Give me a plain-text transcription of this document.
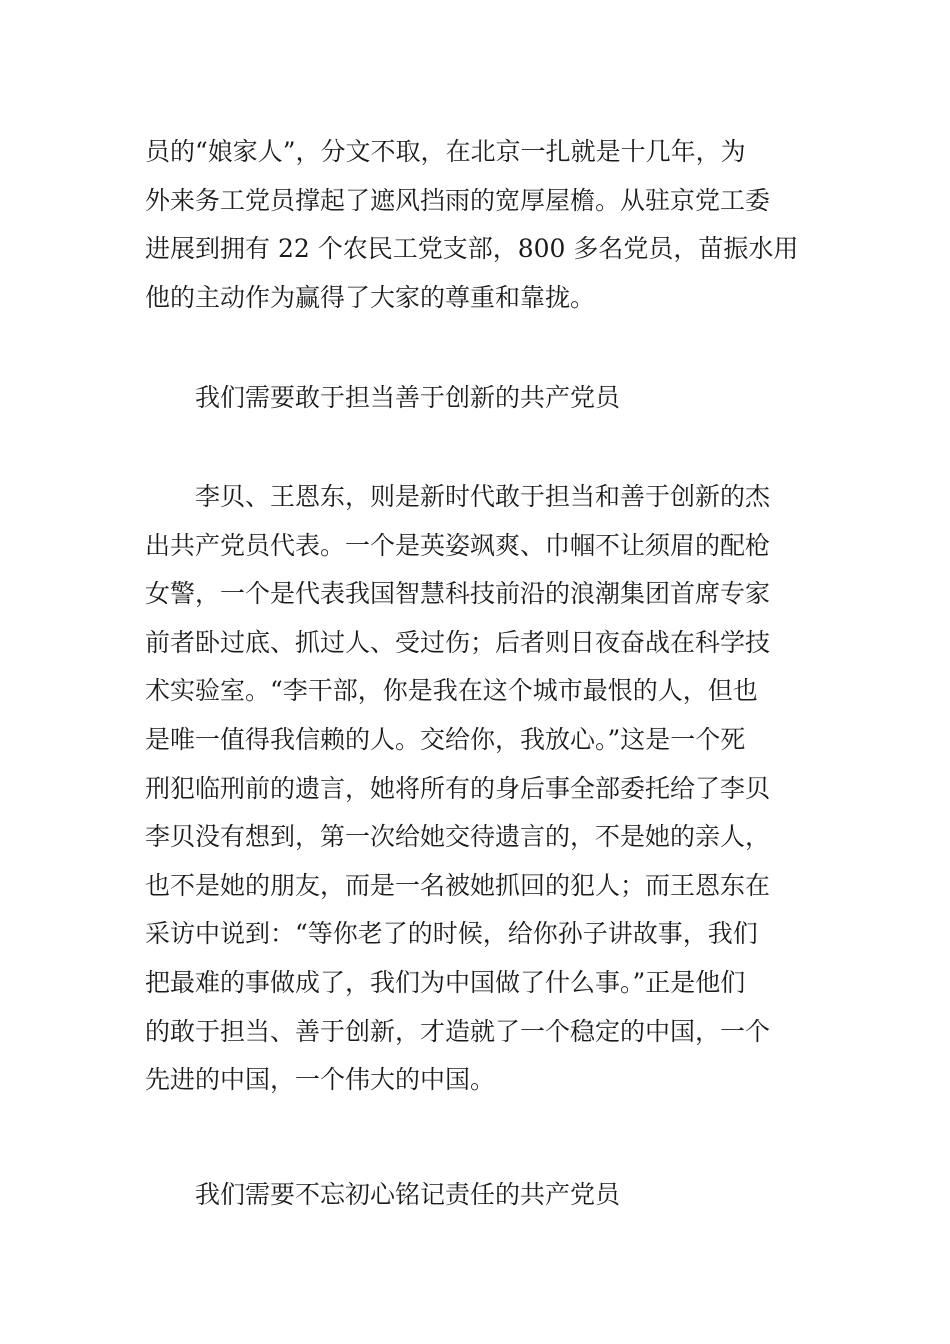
员的“娘家人”，分文不取，在北京一扎就是十几年，为
外来务工党员撑起了遮风挡雨的宽厚屋檐。从驻京党工委
进展到拥有 22 个农民工党支部，800 多名党员，苗振水用
他的主动作为赢得了大家的尊重和靠拢。
我们需要敢于担当善于创新的共产党员
　　李贝、王恩东，则是新时代敢于担当和善于创新的杰
出共产党员代表。一个是英姿飒爽、巾帼不让须眉的配枪
女警，一个是代表我国智慧科技前沿的浪潮集团首席专家
前者卧过底、抓过人、受过伤；后者则日夜奋战在科学技
术实验室。“李干部，你是我在这个城市最恨的人，但也
是唯一值得我信赖的人。交给你，我放心。”这是一个死
刑犯临刑前的遗言，她将所有的身后事全部委托给了李贝
李贝没有想到，第一次给她交待遗言的，不是她的亲人，
也不是她的朋友，而是一名被她抓回的犯人；而王恩东在
采访中说到：“等你老了的时候，给你孙子讲故事，我们
把最难的事做成了，我们为中国做了什么事。”正是他们
的敢于担当、善于创新，才造就了一个稳定的中国，一个
先进的中国，一个伟大的中国。
我们需要不忘初心铭记责任的共产党员
